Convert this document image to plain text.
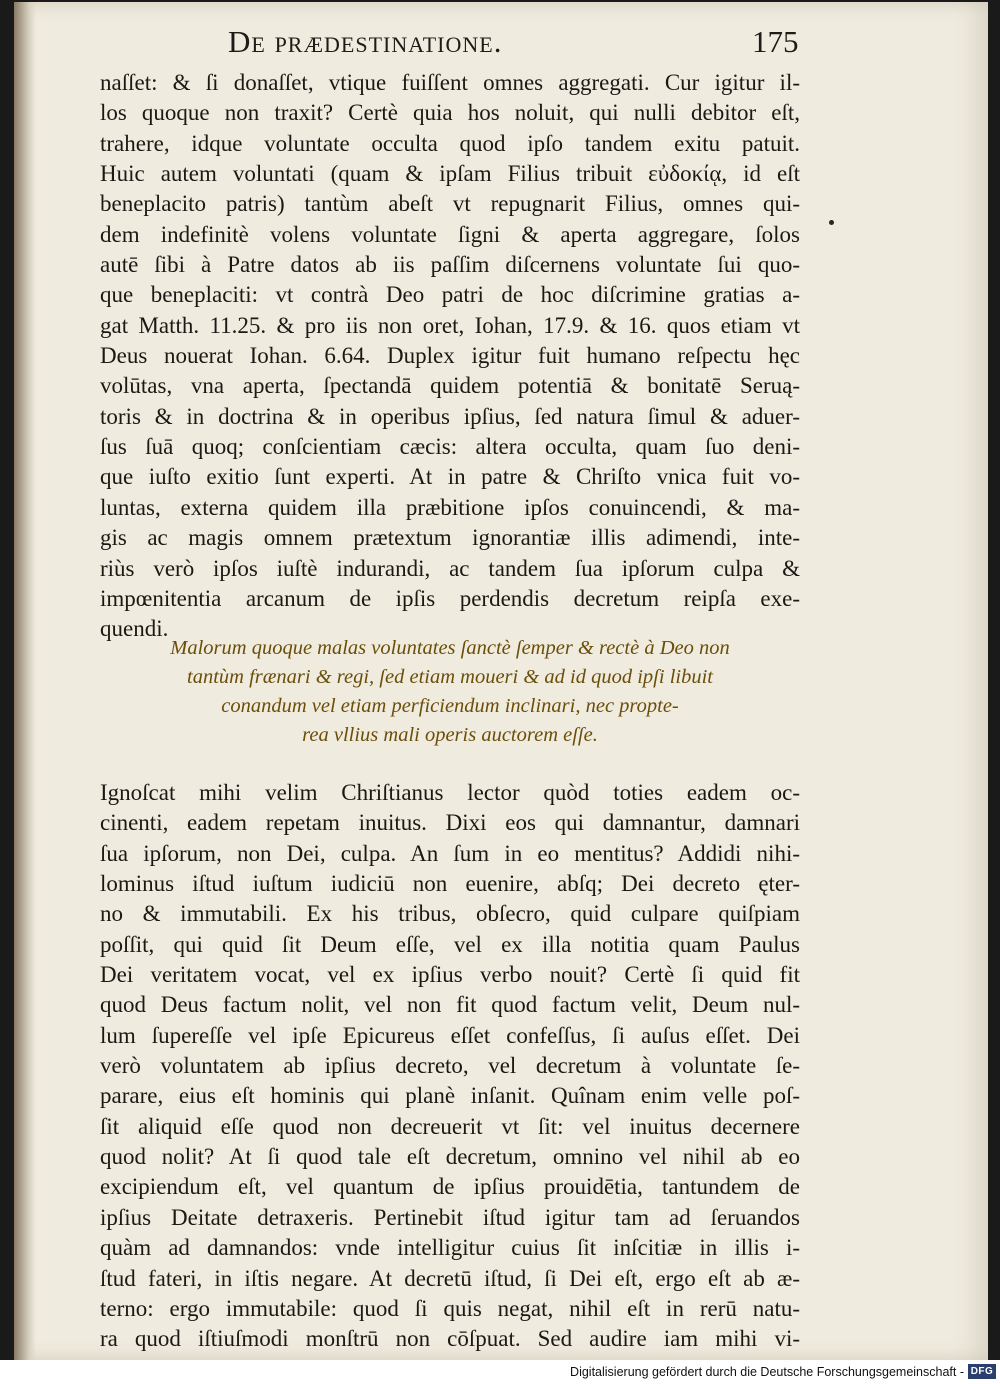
De prædestinatione.	175
naſſet: & ſi donaſſet, vtique fuiſſent omnes aggregati. Cur igitur il-
los quoque non traxit? Certè quia hos noluit, qui nulli debitor eſt,
trahere, idque voluntate occulta quod ipſo tandem exitu patuit.
Huic autem voluntati (quam & ipſam Filius tribuit εὐδοκίᾳ, id eſt
beneplacito patris) tantùm abeſt vt repugnarit Filius, omnes qui-
dem indefinitè volens voluntate ſigni & aperta aggregare, ſolos
autē ſibi à Patre datos ab iis paſſim diſcernens voluntate ſui quo-
que beneplaciti: vt contrà Deo patri de hoc diſcrimine gratias a-
gat Matth. 11.25. & pro iis non oret, Iohan, 17.9. & 16. quos etiam vt
Deus nouerat Iohan. 6.64. Duplex igitur fuit humano reſpectu hęc
volūtas, vna aperta, ſpectandā quidem potentiā & bonitatē Seruą-
toris & in doctrina & in operibus ipſius, ſed natura ſimul & aduer-
ſus ſuā quoq; conſcientiam cæcis: altera occulta, quam ſuo deni-
que iuſto exitio ſunt experti. At in patre & Chriſto vnica fuit vo-
luntas, externa quidem illa præbitione ipſos conuincendi, & ma-
gis ac magis omnem prætextum ignorantiæ illis adimendi, inte-
riùs verò ipſos iuſtè indurandi, ac tandem ſua ipſorum culpa &
impœnitentia arcanum de ipſis perdendis decretum reipſa exe-
quendi.
Malorum quoque malas voluntates ſanctè ſemper & rectè à Deo non
tantùm frænari & regi, ſed etiam moueri & ad id quod ipſi libuit
conandum vel etiam perficiendum inclinari, nec propte-
rea vllius mali operis auctorem eſſe.
Ignoſcat mihi velim Chriſtianus lector quòd toties eadem oc-
cinenti, eadem repetam inuitus. Dixi eos qui damnantur, damnari
ſua ipſorum, non Dei, culpa. An ſum in eo mentitus? Addidi nihi-
lominus iſtud iuſtum iudiciū non euenire, abſq; Dei decreto ęter-
no & immutabili. Ex his tribus, obſecro, quid culpare quiſpiam
poſſit, qui quid ſit Deum eſſe, vel ex illa notitia quam Paulus
Dei veritatem vocat, vel ex ipſius verbo nouit? Certè ſi quid fit
quod Deus factum nolit, vel non fit quod factum velit, Deum nul-
lum ſupereſſe vel ipſe Epicureus eſſet confeſſus, ſi auſus eſſet. Dei
verò voluntatem ab ipſius decreto, vel decretum à voluntate ſe-
parare, eius eſt hominis qui planè inſanit. Quînam enim velle poſ-
ſit aliquid eſſe quod non decreuerit vt ſit: vel inuitus decernere
quod nolit? At ſi quod tale eſt decretum, omnino vel nihil ab eo
excipiendum eſt, vel quantum de ipſius prouidētia, tantundem de
ipſius Deitate detraxeris. Pertinebit iſtud igitur tam ad ſeruandos
quàm ad damnandos: vnde intelligitur cuius ſit inſcitiæ in illis i-
ſtud fateri, in iſtis negare. At decretū iſtud, ſi Dei eſt, ergo eſt ab æ-
terno: ergo immutabile: quod ſi quis negat, nihil eſt in rerū natu-
ra quod iſtiuſmodi monſtrū non cōſpuat. Sed audire iam mihi vi-
Digitalisierung gefördert durch die Deutsche Forschungsgemeinschaft - DFG
